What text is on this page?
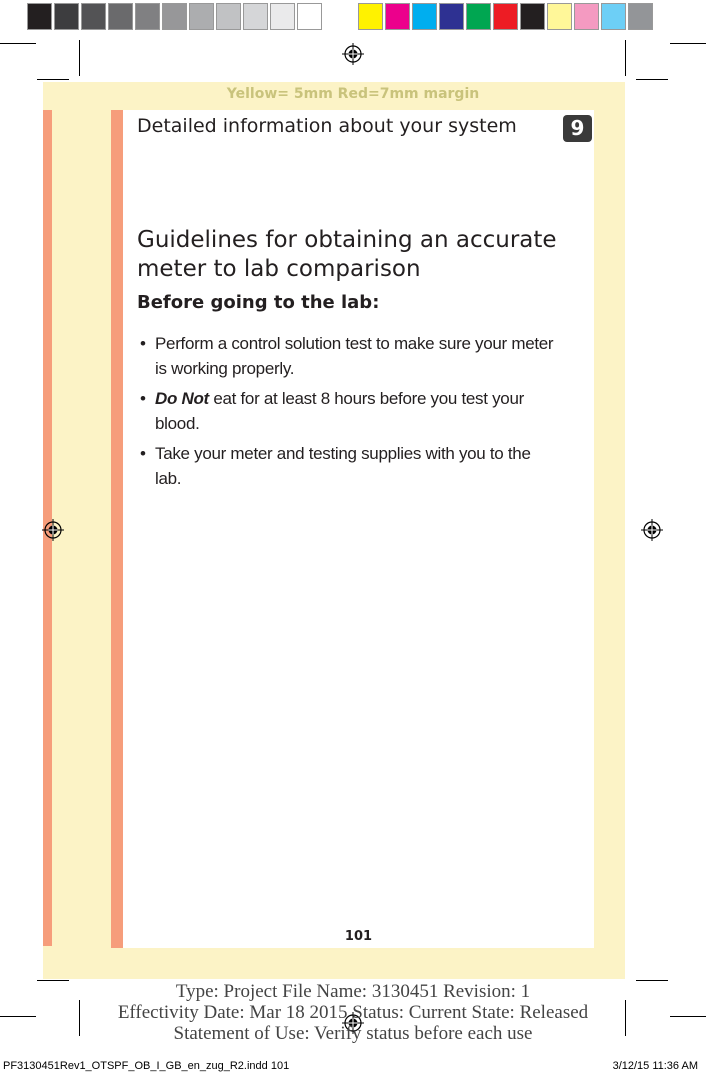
Yellow= 5mm Red=7mm margin
Detailed information about your system	9
Guidelines for obtaining an accurate meter to lab comparison
Before going to the lab:
• Perform a control solution test to make sure your meter is working properly.
• Do Not eat for at least 8 hours before you test your blood.
• Take your meter and testing supplies with you to the lab.
101
Type: Project File Name: 3130451 Revision: 1
Effectivity Date: Mar 18 2015 Status: Current State: Released
Statement of Use: Verify status before each use
PF3130451Rev1_OTSPF_OB_I_GB_en_zug_R2.indd 101	3/12/15 11:36 AM
